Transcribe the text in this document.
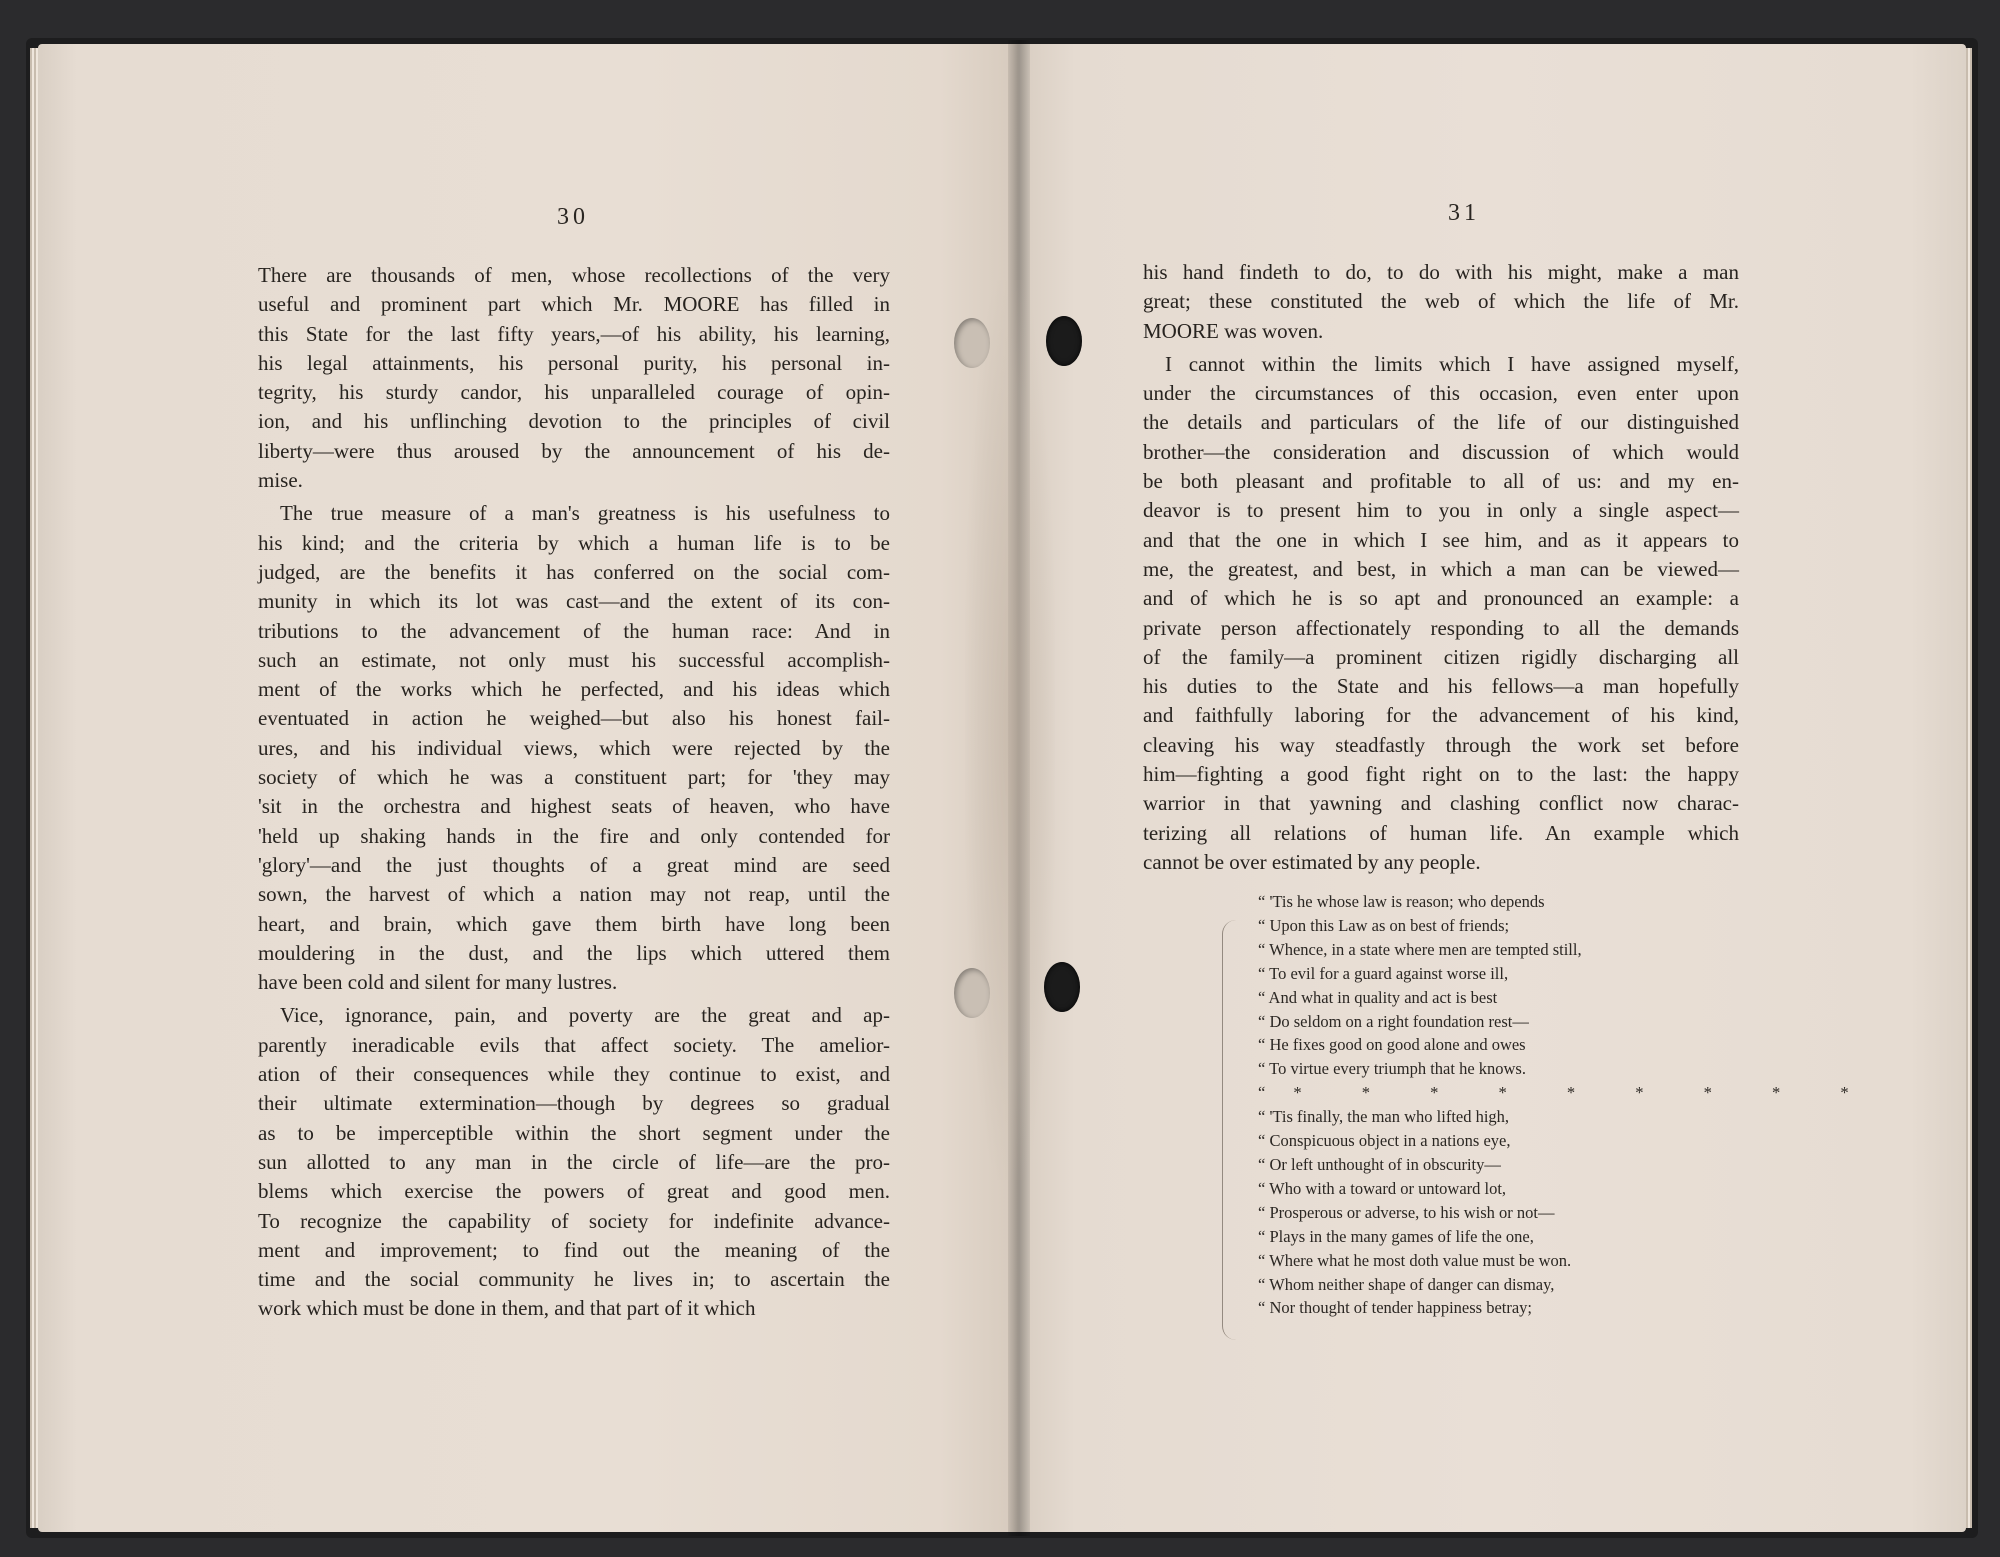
30

There are thousands of men, whose recollections of the very
useful and prominent part which Mr. MOORE has filled in
this State for the last fifty years,—of his ability, his learning,
his legal attainments, his personal purity, his personal in-
tegrity, his sturdy candor, his unparalleled courage of opin-
ion, and his unflinching devotion to the principles of civil
liberty—were thus aroused by the announcement of his de-
mise.

The true measure of a man's greatness is his usefulness to
his kind; and the criteria by which a human life is to be
judged, are the benefits it has conferred on the social com-
munity in which its lot was cast—and the extent of its con-
tributions to the advancement of the human race: And in
such an estimate, not only must his successful accomplish-
ment of the works which he perfected, and his ideas which
eventuated in action he weighed—but also his honest fail-
ures, and his individual views, which were rejected by the
society of which he was a constituent part; for 'they may
'sit in the orchestra and highest seats of heaven, who have
'held up shaking hands in the fire and only contended for
'glory'—and the just thoughts of a great mind are seed
sown, the harvest of which a nation may not reap, until the
heart, and brain, which gave them birth have long been
mouldering in the dust, and the lips which uttered them
have been cold and silent for many lustres.

Vice, ignorance, pain, and poverty are the great and ap-
parently ineradicable evils that affect society. The amelior-
ation of their consequences while they continue to exist, and
their ultimate extermination—though by degrees so gradual
as to be imperceptible within the short segment under the
sun allotted to any man in the circle of life—are the pro-
blems which exercise the powers of great and good men.
To recognize the capability of society for indefinite advance-
ment and improvement; to find out the meaning of the
time and the social community he lives in; to ascertain the
work which must be done in them, and that part of it which

31

his hand findeth to do, to do with his might, make a man
great; these constituted the web of which the life of Mr.
MOORE was woven.

I cannot within the limits which I have assigned myself,
under the circumstances of this occasion, even enter upon
the details and particulars of the life of our distinguished
brother—the consideration and discussion of which would
be both pleasant and profitable to all of us: and my en-
deavor is to present him to you in only a single aspect—
and that the one in which I see him, and as it appears to
me, the greatest, and best, in which a man can be viewed—
and of which he is so apt and pronounced an example: a
private person affectionately responding to all the demands
of the family—a prominent citizen rigidly discharging all
his duties to the State and his fellows—a man hopefully
and faithfully laboring for the advancement of his kind,
cleaving his way steadfastly through the work set before
him—fighting a good fight right on to the last: the happy
warrior in that yawning and clashing conflict now charac-
terizing all relations of human life. An example which
cannot be over estimated by any people.

“ 'Tis he whose law is reason; who depends
“ Upon this Law as on best of friends;
“ Whence, in a state where men are tempted still,
“ To evil for a guard against worse ill,
“ And what in quality and act is best
“ Do seldom on a right foundation rest—
“ He fixes good on good alone and owes
“ To virtue every triumph that he knows.
“* * * * * * * * *
“ 'Tis finally, the man who lifted high,
“ Conspicuous object in a nations eye,
“ Or left unthought of in obscurity—
“ Who with a toward or untoward lot,
“ Prosperous or adverse, to his wish or not—
“ Plays in the many games of life the one,
“ Where what he most doth value must be won.
“ Whom neither shape of danger can dismay,
“ Nor thought of tender happiness betray;
